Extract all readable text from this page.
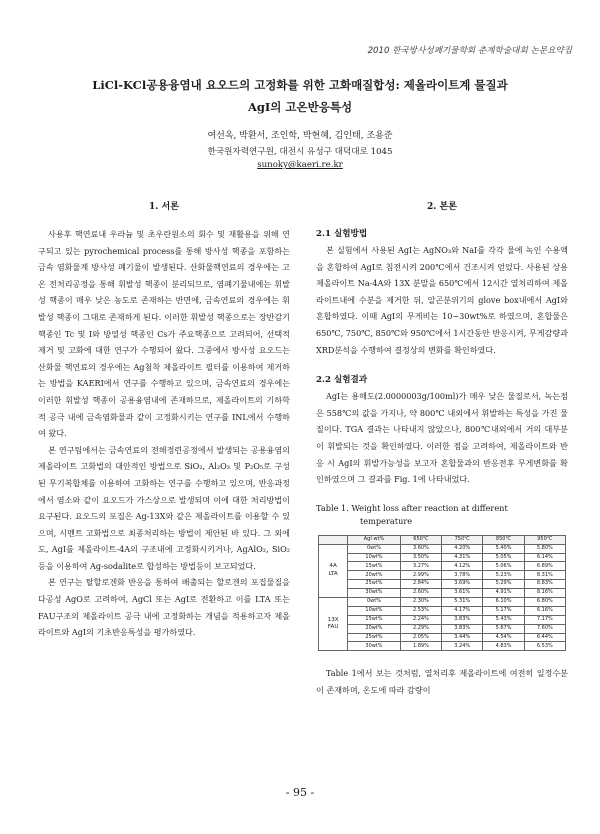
2010 한국방사성폐기물학회 춘계학술대회 논문요약집
LiCl-KCl공용융염내 요오드의 고정화를 위한 고화매질합성: 제올라이트계 물질과
AgI의 고온반응특성
여선옥, 박환서, 조인학, 박현혜, 김인태, 조용준
한국원자력연구원, 대전시 유성구 대덕대로 1045
sunoky@kaeri.re.kr
1. 서론

사용후 핵연료내 우라늄 및 초우란원소의 회수 및 재활용을 위해 연구되고 있는 pyrochemical process를 통해 방사성 핵종을 포함하는 금속 염화물계 방사성 폐기물이 발생된다. 산화물핵연료의 경우에는 고온 전처리공정을 통해 휘발성 핵종이 분리되므로, 염폐기물내에는 휘발성 핵종이 매우 낮은 농도로 존재하는 반면에, 금속연료의 경우에는 휘발성 핵종이 그대로 존재하게 된다. 이러한 휘발성 핵종으로는 장반감기 핵종인 Tc 및 I와 방열성 핵종인 Cs가 주요핵종으로 고려되어, 선택적 제거 및 고화에 대한 연구가 수행되어 왔다. 그중에서 방사성 요오드는 산화물 핵연료의 경우에는 Ag첨착 제올라이트 필터를 이용하여 제거하는 방법을 KAERI에서 연구를 수행하고 있으며, 금속연료의 경우에는 이러한 휘발성 핵종이 공용융염내에 존재하므로, 제올라이트의 기하학적 공극 내에 금속염화물과 같이 고정화시키는 연구를 INL에서 수행하여 왔다.

본 연구팀에서는 금속연료의 전해정련공정에서 발생되는 공용융염의 제올라이트 고화법의 대안적인 방법으로 SiO₂, Al₂O₃ 및 P₂O₅로 구성된 무기복합체를 이용하여 고화하는 연구를 수행하고 있으며, 반응과정에서 염소와 같이 요오드가 가스상으로 발생되며 이에 대한 처리방법이 요구된다. 요오드의 포집은 Ag-13X와 같은 제올라이트를 이용할 수 있으며, 시멘트 고화법으로 최종처리하는 방법이 제안된 바 있다. 그 외에도, AgI를 제올라이트-4A의 구조내에 고정화시키거나, AgAlO₂, SiO₂등을 이용하여 Ag-sodalite로 합성하는 방법등이 보고되었다.

본 연구는 탈할로겐화 반응을 통하여 배출되는 할로겐의 포집물질을 다공성 AgO로 고려하여, AgCl 또는 AgI로 전환하고 이를 LTA 또는 FAU구조의 제올라이트 공극 내에 고정화하는 개념을 적용하고자 제올라이트와 AgI의 기초반응특성을 평가하였다.

2. 본론

2.1 실험방법

본 실험에서 사용된 AgI는 AgNO₃와 NaI를 각각 물에 녹인 수용액을 혼합하여 AgI로 침전시켜 200℃에서 건조시켜 얻었다. 사용된 상용 제올라이트 Na-4A와 13X 분말을 650℃에서 12시간 열처리하여 제올라이트내에 수분을 제거한 뒤, 알곤분위기의 glove box내에서 AgI와 혼합하였다. 이때 AgI의 무게비는 10~30wt%로 하였으며, 혼합물은 650℃, 750℃, 850℃와 950℃에서 1시간동안 반응시켜, 무게감량과 XRD분석을 수행하여 결정상의 변화를 확인하였다.

2.2 실험결과

AgI는 용해도(2.0000003g/100ml)가 매우 낮은 물질로서, 녹는점은 558℃의 값을 가지나, 약 800℃ 내외에서 휘발하는 특성을 가진 물질이다. TGA 결과는 나타내지 않았으나, 800℃내외에서 거의 대부분이 휘발되는 것을 확인하였다. 이러한 점을 고려하여, 제올라이트와 반응 시 AgI의 휘발가능성을 보고자 혼합물과의 반응전후 무게변화를 확인하였으며 그 결과를 Fig. 1에 나타내었다.

Table 1. Weight loss after reaction at different
temperature

	AgI wt%	650℃	750℃	850℃	950℃

4A
LTA	0wt%	3.60%	4.20%	5.40%	5.80%
	10wt%	3.50%	4.31%	5.05%	6.14%
	15wt%	3.27%	4.12%	5.06%	6.89%
	20wt%	2.99%	3.78%	5.23%	8.31%
	25wt%	2.84%	3.69%	5.29%	8.83%
	30wt%	2.60%	3.61%	4.91%	8.16%

13X
FAU	0wt%	2.30%	5.31%	6.10%	6.80%
	10wt%	2.53%	4.17%	5.17%	6.16%
	15wt%	2.24%	3.83%	5.43%	7.17%
	20wt%	2.29%	3.83%	5.67%	7.60%
	25wt%	2.05%	3.44%	4.54%	6.44%
	30wt%	1.89%	3.24%	4.83%	6.53%

Table 1에서 보는 것처럼, 열처리후 제올라이트에 여전히 일정수분이 존재하며, 온도에 따라 감량이

- 95 -
